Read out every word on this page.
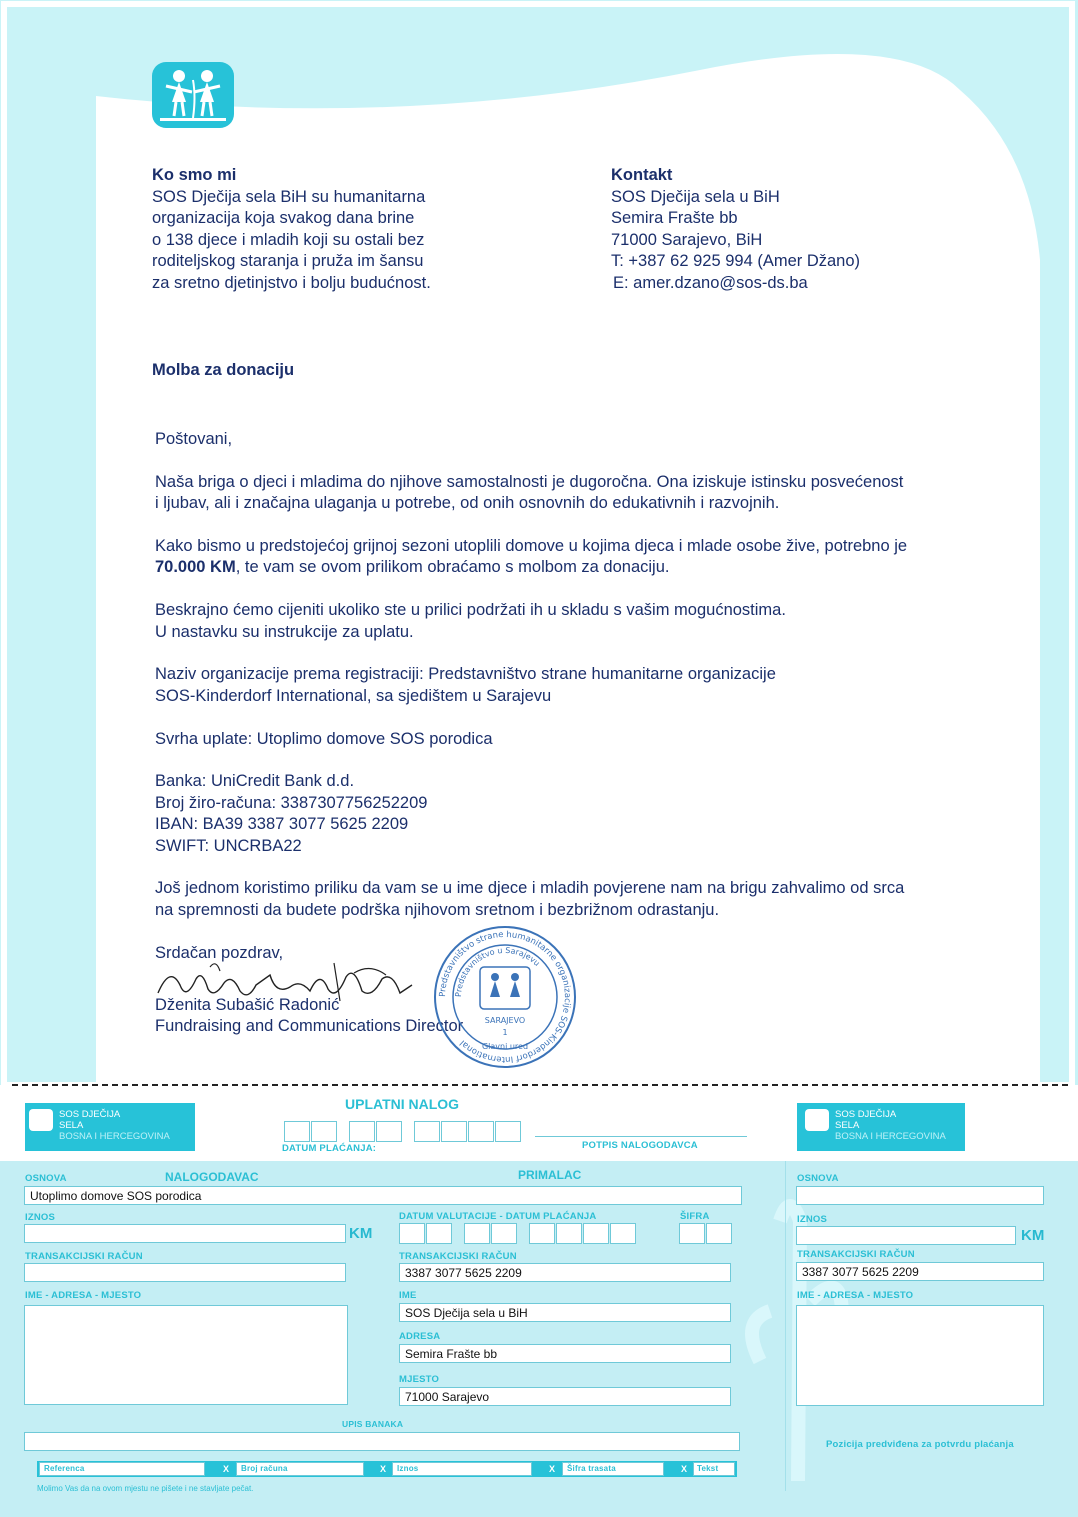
Ko smo mi
SOS Dječija sela BiH su humanitarna
organizacija koja svakog dana brine
o 138 djece i mladih koji su ostali bez
roditeljskog staranja i pruža im šansu
za sretno djetinjstvo i bolju budućnost.
Kontakt
SOS Dječija sela u BiH
Semira Frašte bb
71000 Sarajevo, BiH
T: +387 62 925 994 (Amer Džano)
E: amer.dzano@sos-ds.ba
Molba za donaciju
Poštovani,
Naša briga o djeci i mladima do njihove samostalnosti je dugoročna. Ona iziskuje istinsku posvećenost
i ljubav, ali i značajna ulaganja u potrebe, od onih osnovnih do edukativnih i razvojnih.
Kako bismo u predstojećoj grijnoj sezoni utoplili domove u kojima djeca i mlade osobe žive, potrebno je
70.000 KM, te vam se ovom prilikom obraćamo s molbom za donaciju.
Beskrajno ćemo cijeniti ukoliko ste u prilici podržati ih u skladu s vašim mogućnostima.
U nastavku su instrukcije za uplatu.
Naziv organizacije prema registraciji: Predstavništvo strane humanitarne organizacije
SOS-Kinderdorf International, sa sjedištem u Sarajevu
Svrha uplate: Utoplimo domove SOS porodica
Banka: UniCredit Bank d.d.
Broj žiro-računa: 3387307756252209
IBAN: BA39 3387 3077 5625 2209
SWIFT: UNCRBA22
Još jednom koristimo priliku da vam se u ime djece i mladih povjerene nam na brigu zahvalimo od srca
na spremnosti da budete podrška njihovom sretnom i bezbrižnom odrastanju.
Srdačan pozdrav,
Dženita Subašić Radonić
Fundraising and Communications Director
Predstavništvo strane humanitarne organizacije SOS-Kinderdorf International
Predstavništvo u Sarajevu
SARAJEVO
1
Glavni ured
SOS DJEČIJA
SELA
BOSNA I HERCEGOVINA
SOS DJEČIJA
SELA
BOSNA I HERCEGOVINA
UPLATNI NALOG
DATUM PLAĆANJA:	POTPIS NALOGODAVCA
OSNOVA	NALOGODAVAC	PRIMALAC
Utoplimo domove SOS porodica
IZNOS
KM
TRANSAKCIJSKI RAČUN
IME - ADRESA - MJESTO
DATUM VALUTACIJE - DATUM PLAĆANJA	ŠIFRA
TRANSAKCIJSKI RAČUN
3387 3077 5625 2209
IME
SOS Dječija sela u BiH
ADRESA
Semira Frašte bb
MJESTO
71000 Sarajevo
UPIS BANAKA
Referenca	X	Broj računa	X	Iznos	X	Šifra trasata	X	Tekst
Molimo Vas da na ovom mjestu ne pišete i ne stavljate pečat.
OSNOVA
IZNOS
KM
TRANSAKCIJSKI RAČUN
3387 3077 5625 2209
IME - ADRESA - MJESTO
Pozicija predviđena za potvrdu plaćanja
